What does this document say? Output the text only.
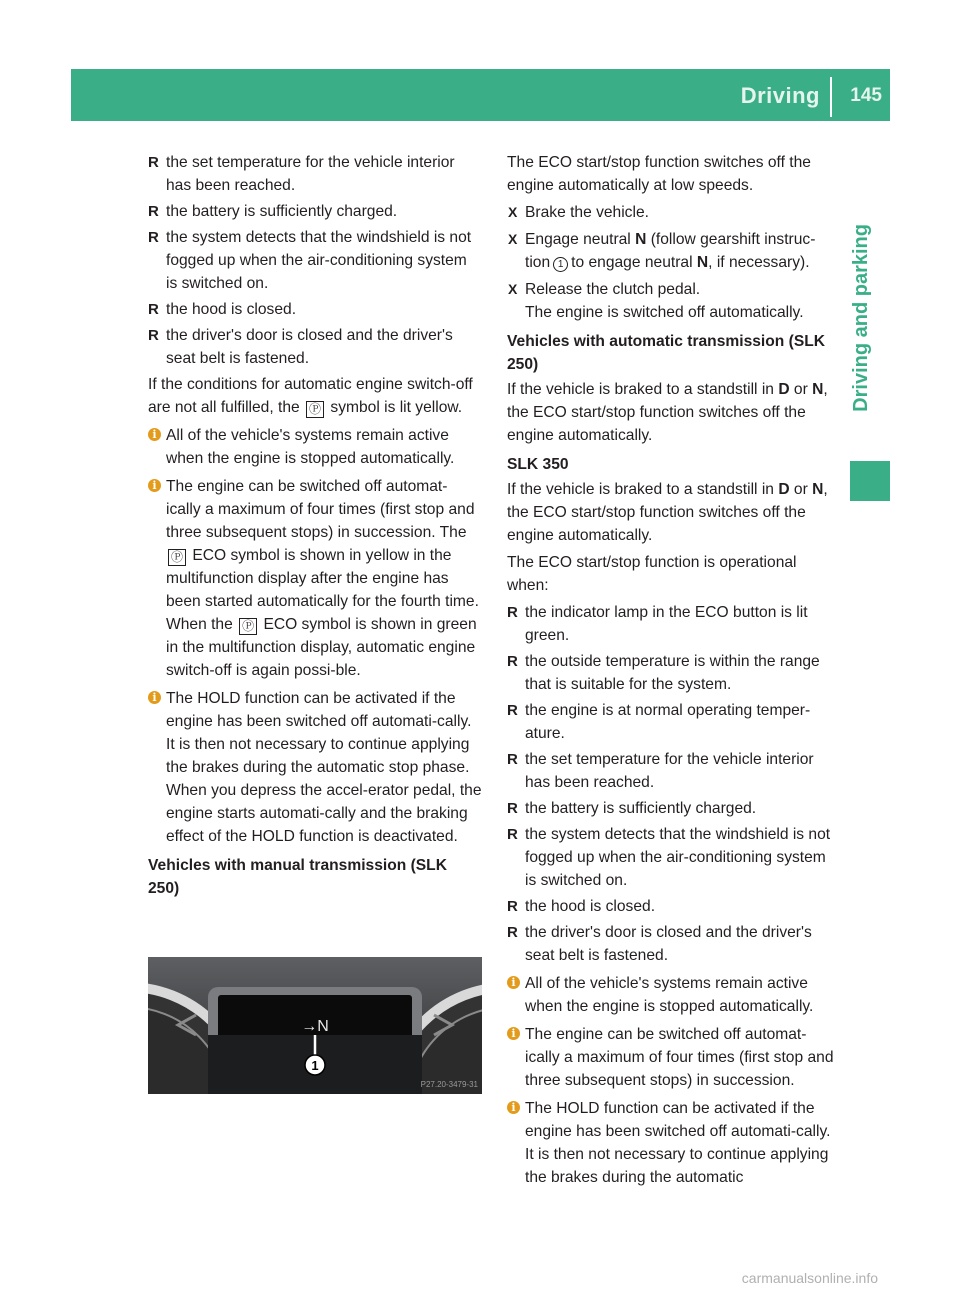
Driving 145
Driving and parking
R the set temperature for the vehicle interior has been reached.
R the battery is sufficiently charged.
R the system detects that the windshield is not fogged up when the air-conditioning system is switched on.
R the hood is closed.
R the driver's door is closed and the driver's seat belt is fastened.

If the conditions for automatic engine switch-off are not all fulfilled, the Ⓟ symbol is lit yellow.

i All of the vehicle's systems remain active when the engine is stopped automatically.
i The engine can be switched off automat-ically a maximum of four times (first stop and three subsequent stops) in succession. The Ⓟ ECO symbol is shown in yellow in the multifunction display after the engine has been started automatically for the fourth time. When the Ⓟ ECO symbol is shown in green in the multifunction display, automatic engine switch-off is again possi-ble.
i The HOLD function can be activated if the engine has been switched off automati-cally. It is then not necessary to continue applying the brakes during the automatic stop phase. When you depress the accel-erator pedal, the engine starts automati-cally and the braking effect of the HOLD function is deactivated.
Vehicles with manual transmission (SLK 250)
1
→N
P27.20-3479-31

The ECO start/stop function switches off the engine automatically at low speeds.

X Brake the vehicle.
X Engage neutral N (follow gearshift instruc-tion 1 to engage neutral N, if necessary).
X Release the clutch pedal.
The engine is switched off automatically.
Vehicles with automatic transmission (SLK 250)

If the vehicle is braked to a standstill in D or N, the ECO start/stop function switches off the engine automatically.

SLK 350

If the vehicle is braked to a standstill in D or N, the ECO start/stop function switches off the engine automatically.

The ECO start/stop function is operational when:

R the indicator lamp in the ECO button is lit green.
R the outside temperature is within the range that is suitable for the system.
R the engine is at normal operating temper-ature.
R the set temperature for the vehicle interior has been reached.
R the battery is sufficiently charged.
R the system detects that the windshield is not fogged up when the air-conditioning system is switched on.
R the hood is closed.
R the driver's door is closed and the driver's seat belt is fastened.
i All of the vehicle's systems remain active when the engine is stopped automatically.
i The engine can be switched off automat-ically a maximum of four times (first stop and three subsequent stops) in succession.
i The HOLD function can be activated if the engine has been switched off automati-cally. It is then not necessary to continue applying the brakes during the automatic
carmanualsonline.info
